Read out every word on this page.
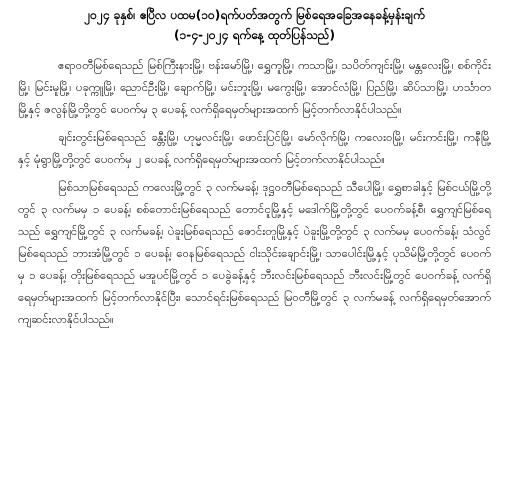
၂၀၂၄ ခုနှစ်၊ ဧပြီလ ပထမ(၁၀)ရက်ပတ်အတွက် မြစ်ရေအခြေအနေခန့်မှန်းချက်
(၁-၄-၂၀၂၄ ရက်နေ့ ထုတ်ပြန်သည်)

ဧရာဝတီမြစ်ရေသည် မြစ်ကြီးနားမြို့၊ ဗန်းမော်မြို့၊ ရွှေကူမြို့၊ ကသာမြို့၊ သပိတ်ကျင်းမြို့၊ မန္တလေးမြို့၊ စစ်ကိုင်းမြို့၊ မြင်းမူမြို့၊ ပခုက္ကူမြို့၊ ညောင်ဦးမြို့၊ ချောက်မြို့၊ မင်းဘူးမြို့၊ မကွေးမြို့၊ အောင်လံမြို့၊ ပြည်မြို့၊ ဆိပ်သာမြို့၊ ဟင်္သာတမြို့နှင့် ဇလွန်မြို့တို့တွင် ပေ၀က်မှ ၃ ပေခန့် လက်ရှိရေမှတ်များအထက် မြင့်တက်လာနိုင်ပါသည်။

ချင်းတွင်းမြစ်ရေသည် ခန္တီးမြို့၊ ဟုမ္မလင်းမြို့၊ ဖောင်းပြင်မြို့၊ မော်လိုက်မြို့၊ ကလေးဝမြို့၊ မင်းကင်းမြို့၊ ကနီမြို့နှင့် မုံရွာမြို့တို့တွင် ပေ၀က်မှ ၂ ပေခန့် လက်ရှိရေမှတ်များအထက် မြင့်တက်လာနိုင်ပါသည်။

မြစ်သာမြစ်ရေသည် ကလေးမြို့တွင် ၃ လက်မခန့်၊ ဒုဋ္ဌဝတီမြစ်ရေသည် သီပေါမြို့၊ ရွှေစာခါနှင့် မြစ်ငယ်မြို့တို့တွင် ၃ လက်မမှ ၁ ပေခန့်၊ စစ်တောင်းမြစ်ရေသည် တောင်ငူမြို့နှင့် မဒေါက်မြို့တို့တွင် ပေ၀က်ခန့်စီ၊ ရွှေကျင်မြစ်ရေသည် ရွှေကျင်မြို့တွင် ၃ လက်မခန့်၊ ပဲခူးမြစ်ရေသည် ဇောင်းတူမြို့နှင့် ပဲခူးမြို့တို့တွင် ၃ လက်မမှ ပေ၀က်ခန့်၊ သံလွင်မြစ်ရေသည် ဘားအံမြို့တွင် ၁ ပေခန့်၊ ဝေနမြစ်ရေသည် ငါးသိုင်းချောင်းမြို့၊ သာပေါင်းမြို့နှင့် ပုသိမ်မြို့တို့တွင် ပေ၀က်မှ ၁ ပေခန့်၊ တိုးမြစ်ရေသည် မအူပင်မြို့တွင် ၁ ပေခွဲခန့်နှင့် ဘီးလင်းမြစ်ရေသည် ဘီးလင်းမြို့တွင် ပေ၀က်ခန့် လက်ရှိရေမှတ်များအထက် မြင့်တက်လာနိုင်ပြီး၊ သောင်ရင်းမြစ်ရေသည် မြဝတီမြို့တွင် ၃ လက်မခန့် လက်ရှိရေမှတ်အောက် ကျဆင်းလာနိုင်ပါသည်။
